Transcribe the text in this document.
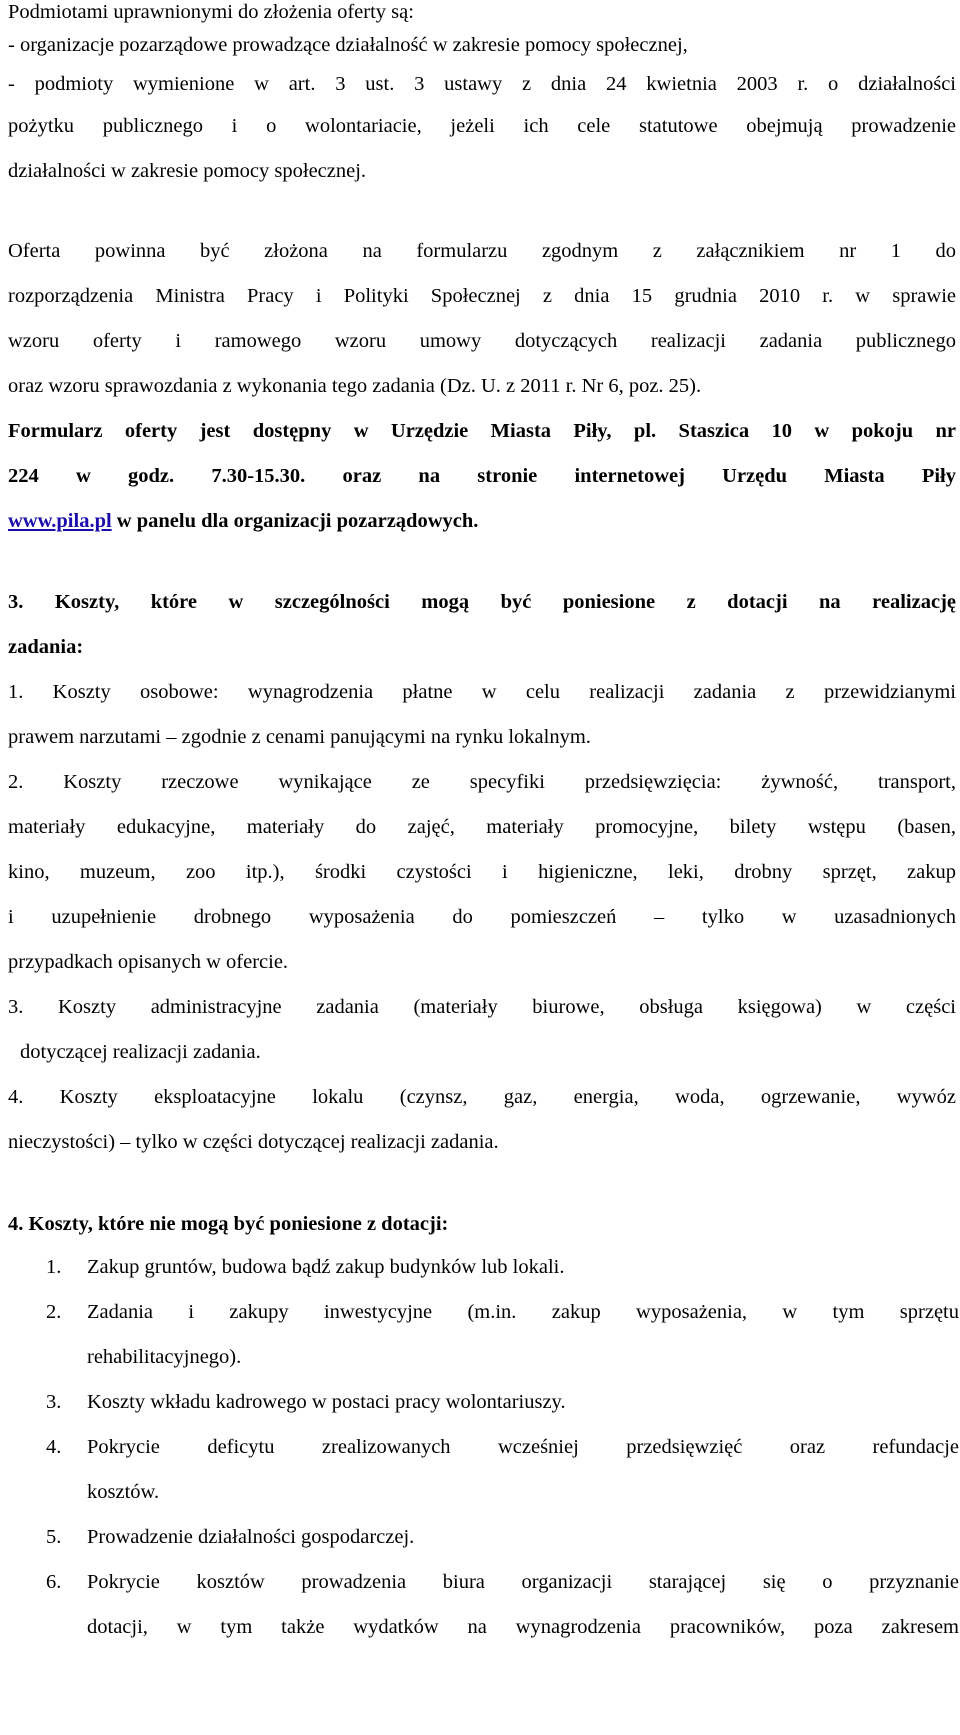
Podmiotami uprawnionymi do złożenia oferty są:
- organizacje pozarządowe prowadzące działalność w zakresie pomocy społecznej,
- podmioty wymienione w art. 3 ust. 3 ustawy z dnia 24 kwietnia 2003 r. o działalności
pożytku publicznego i o wolontariacie, jeżeli ich cele statutowe obejmują prowadzenie
działalności w zakresie pomocy społecznej.
Oferta powinna być złożona na formularzu zgodnym z załącznikiem nr 1 do
rozporządzenia Ministra Pracy i Polityki Społecznej z dnia 15 grudnia 2010 r. w sprawie
wzoru oferty i ramowego wzoru umowy dotyczących realizacji zadania publicznego
oraz wzoru sprawozdania z wykonania tego zadania (Dz. U. z 2011 r. Nr 6, poz. 25).
Formularz oferty jest dostępny w Urzędzie Miasta Piły, pl. Staszica 10 w pokoju nr
224 w godz. 7.30-15.30. oraz na stronie internetowej Urzędu Miasta Piły
www.pila.pl w panelu dla organizacji pozarządowych.
3. Koszty, które w szczególności mogą być poniesione z dotacji na realizację
zadania:
1. Koszty osobowe: wynagrodzenia płatne w celu realizacji zadania z przewidzianymi
prawem narzutami – zgodnie z cenami panującymi na rynku lokalnym.
2. Koszty rzeczowe wynikające ze specyfiki przedsięwzięcia: żywność, transport,
materiały edukacyjne, materiały do zajęć, materiały promocyjne, bilety wstępu (basen,
kino, muzeum, zoo itp.), środki czystości i higieniczne, leki, drobny sprzęt, zakup
i uzupełnienie drobnego wyposażenia do pomieszczeń – tylko w uzasadnionych
przypadkach opisanych w ofercie.
3. Koszty administracyjne zadania (materiały biurowe, obsługa księgowa) w części
dotyczącej realizacji zadania.
4. Koszty eksploatacyjne lokalu (czynsz, gaz, energia, woda, ogrzewanie, wywóz
nieczystości) – tylko w części dotyczącej realizacji zadania.
4. Koszty, które nie mogą być poniesione z dotacji:
1. Zakup gruntów, budowa bądź zakup budynków lub lokali.
2. Zadania i zakupy inwestycyjne (m.in. zakup wyposażenia, w tym sprzętu
rehabilitacyjnego).
3. Koszty wkładu kadrowego w postaci pracy wolontariuszy.
4. Pokrycie deficytu zrealizowanych wcześniej przedsięwzięć oraz refundacje
kosztów.
5. Prowadzenie działalności gospodarczej.
6. Pokrycie kosztów prowadzenia biura organizacji starającej się o przyznanie
dotacji, w tym także wydatków na wynagrodzenia pracowników, poza zakresem
